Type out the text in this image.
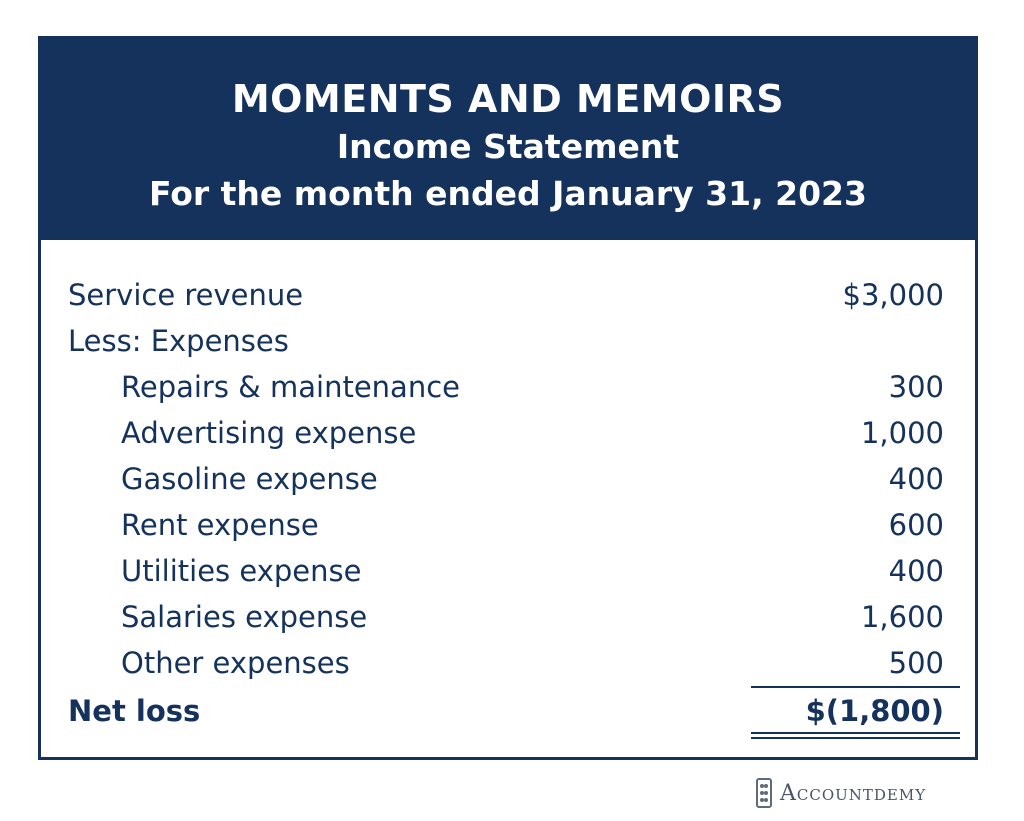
MOMENTS AND MEMOIRS
Income Statement
For the month ended January 31, 2023
Service revenue	$3,000
Less: Expenses
Repairs & maintenance	300
Advertising expense	1,000
Gasoline expense	400
Rent expense	600
Utilities expense	400
Salaries expense	1,600
Other expenses	500
Net loss	$(1,800)
Accountdemy
